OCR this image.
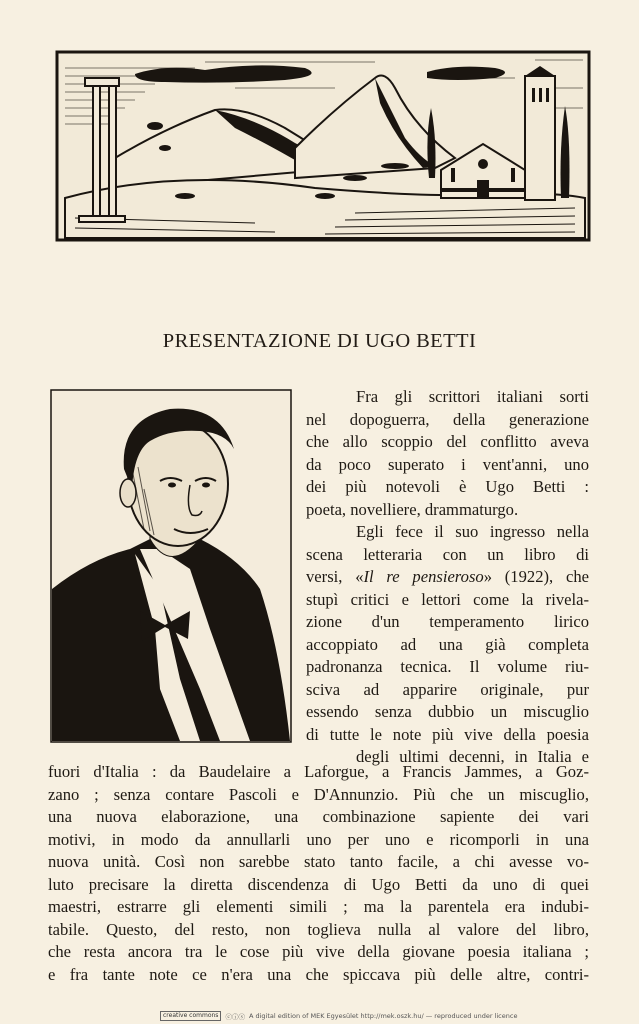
PRESENTAZIONE DI UGO BETTI
Fra gli scrittori italiani sorti
nel dopoguerra, della generazione
che allo scoppio del conflitto aveva
da poco superato i vent'anni, uno
dei più notevoli è Ugo Betti :
poeta, novelliere, drammaturgo.
Egli fece il suo ingresso nella
scena letteraria con un libro di
versi, «Il re pensieroso» (1922), che
stupì critici e lettori come la rivela-
zione d'un temperamento lirico
accoppiato ad una già completa
padronanza tecnica. Il volume riu-
sciva ad apparire originale, pur
essendo senza dubbio un miscuglio
di tutte le note più vive della poesia
degli ultimi decenni, in Italia e
fuori d'Italia : da Baudelaire a Laforgue, a Francis Jammes, a Goz-
zano ; senza contare Pascoli e D'Annunzio. Più che un miscuglio,
una nuova elaborazione, una combinazione sapiente dei vari
motivi, in modo da annullarli uno per uno e ricomporli in una
nuova unità. Così non sarebbe stato tanto facile, a chi avesse vo-
luto precisare la diretta discendenza di Ugo Betti da uno di quei
maestri, estrarre gli elementi simili ; ma la parentela era indubi-
tabile. Questo, del resto, non toglieva nulla al valore del libro,
che resta ancora tra le cose più vive della giovane poesia italiana ;
e fra tante note ce n'era una che spiccava più delle altre, contri-
creative commons	ⓒⓘⓢ A digital edition of MEK Egyesület http://mek.oszk.hu/ — reproduced under licence
